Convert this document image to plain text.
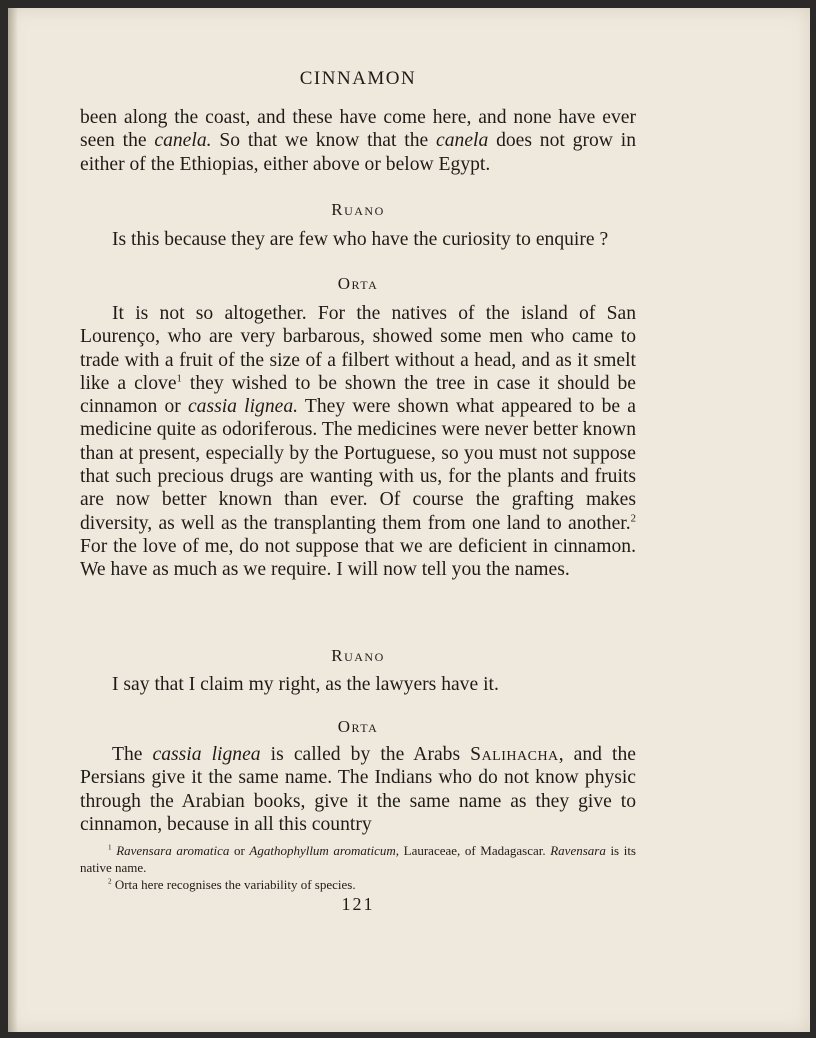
CINNAMON

been along the coast, and these have come here, and none have ever seen the canela. So that we know that the canela does not grow in either of the Ethiopias, either above or below Egypt.

Ruano

Is this because they are few who have the curiosity to enquire ?

Orta

It is not so altogether. For the natives of the island of San Lourenço, who are very barbarous, showed some men who came to trade with a fruit of the size of a filbert without a head, and as it smelt like a clove$^1$ they wished to be shown the tree in case it should be cinnamon or cassia lignea. They were shown what appeared to be a medicine quite as odoriferous. The medicines were never better known than at present, especially by the Portuguese, so you must not suppose that such precious drugs are wanting with us, for the plants and fruits are now better known than ever. Of course the grafting makes diversity, as well as the transplanting them from one land to another.$^2$ For the love of me, do not suppose that we are deficient in cinnamon. We have as much as we require. I will now tell you the names.

Ruano

I say that I claim my right, as the lawyers have it.

Orta

The cassia lignea is called by the Arabs Salihacha, and the Persians give it the same name. The Indians who do not know physic through the Arabian books, give it the same name as they give to cinnamon, because in all this country

$^1$ Ravensara aromatica or Agathophyllum aromaticum, Lauraceae, of Madagascar. Ravensara is its native name.

$^2$ Orta here recognises the variability of species.

121
